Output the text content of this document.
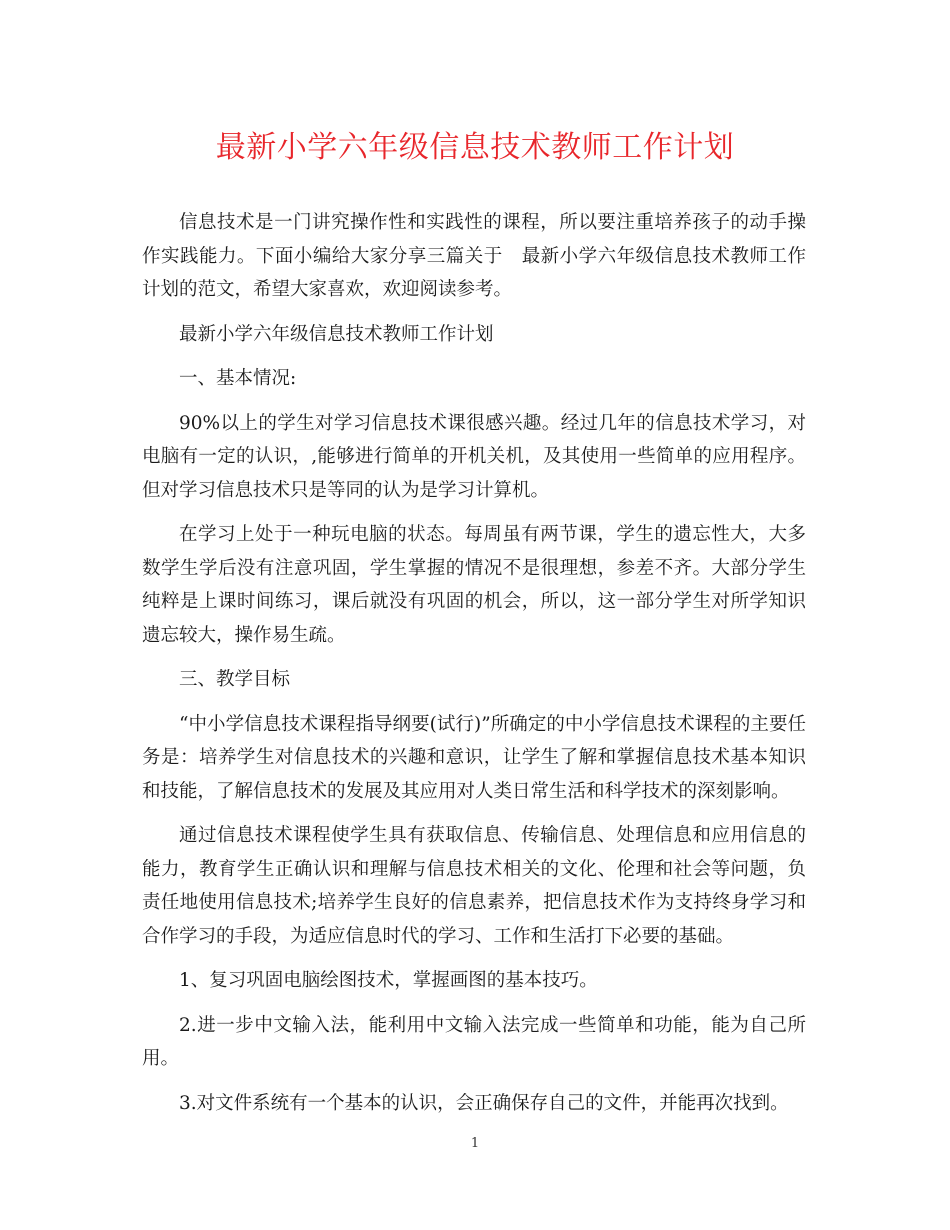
最新小学六年级信息技术教师工作计划

信息技术是一门讲究操作性和实践性的课程，所以要注重培养孩子的动手操作实践能力。下面小编给大家分享三篇关于　最新小学六年级信息技术教师工作计划的范文，希望大家喜欢，欢迎阅读参考。

最新小学六年级信息技术教师工作计划

一、基本情况:

90%以上的学生对学习信息技术课很感兴趣。经过几年的信息技术学习，对电脑有一定的认识，,能够进行简单的开机关机，及其使用一些简单的应用程序。但对学习信息技术只是等同的认为是学习计算机。

在学习上处于一种玩电脑的状态。每周虽有两节课，学生的遗忘性大，大多数学生学后没有注意巩固，学生掌握的情况不是很理想，参差不齐。大部分学生纯粹是上课时间练习，课后就没有巩固的机会，所以，这一部分学生对所学知识遗忘较大，操作易生疏。

三、教学目标

“中小学信息技术课程指导纲要(试行)”所确定的中小学信息技术课程的主要任务是：培养学生对信息技术的兴趣和意识，让学生了解和掌握信息技术基本知识和技能，了解信息技术的发展及其应用对人类日常生活和科学技术的深刻影响。

通过信息技术课程使学生具有获取信息、传输信息、处理信息和应用信息的能力，教育学生正确认识和理解与信息技术相关的文化、伦理和社会等问题，负责任地使用信息技术;培养学生良好的信息素养，把信息技术作为支持终身学习和合作学习的手段，为适应信息时代的学习、工作和生活打下必要的基础。

1、复习巩固电脑绘图技术，掌握画图的基本技巧。

2.进一步中文输入法，能利用中文输入法完成一些简单和功能，能为自己所用。

3.对文件系统有一个基本的认识，会正确保存自己的文件，并能再次找到。

1
